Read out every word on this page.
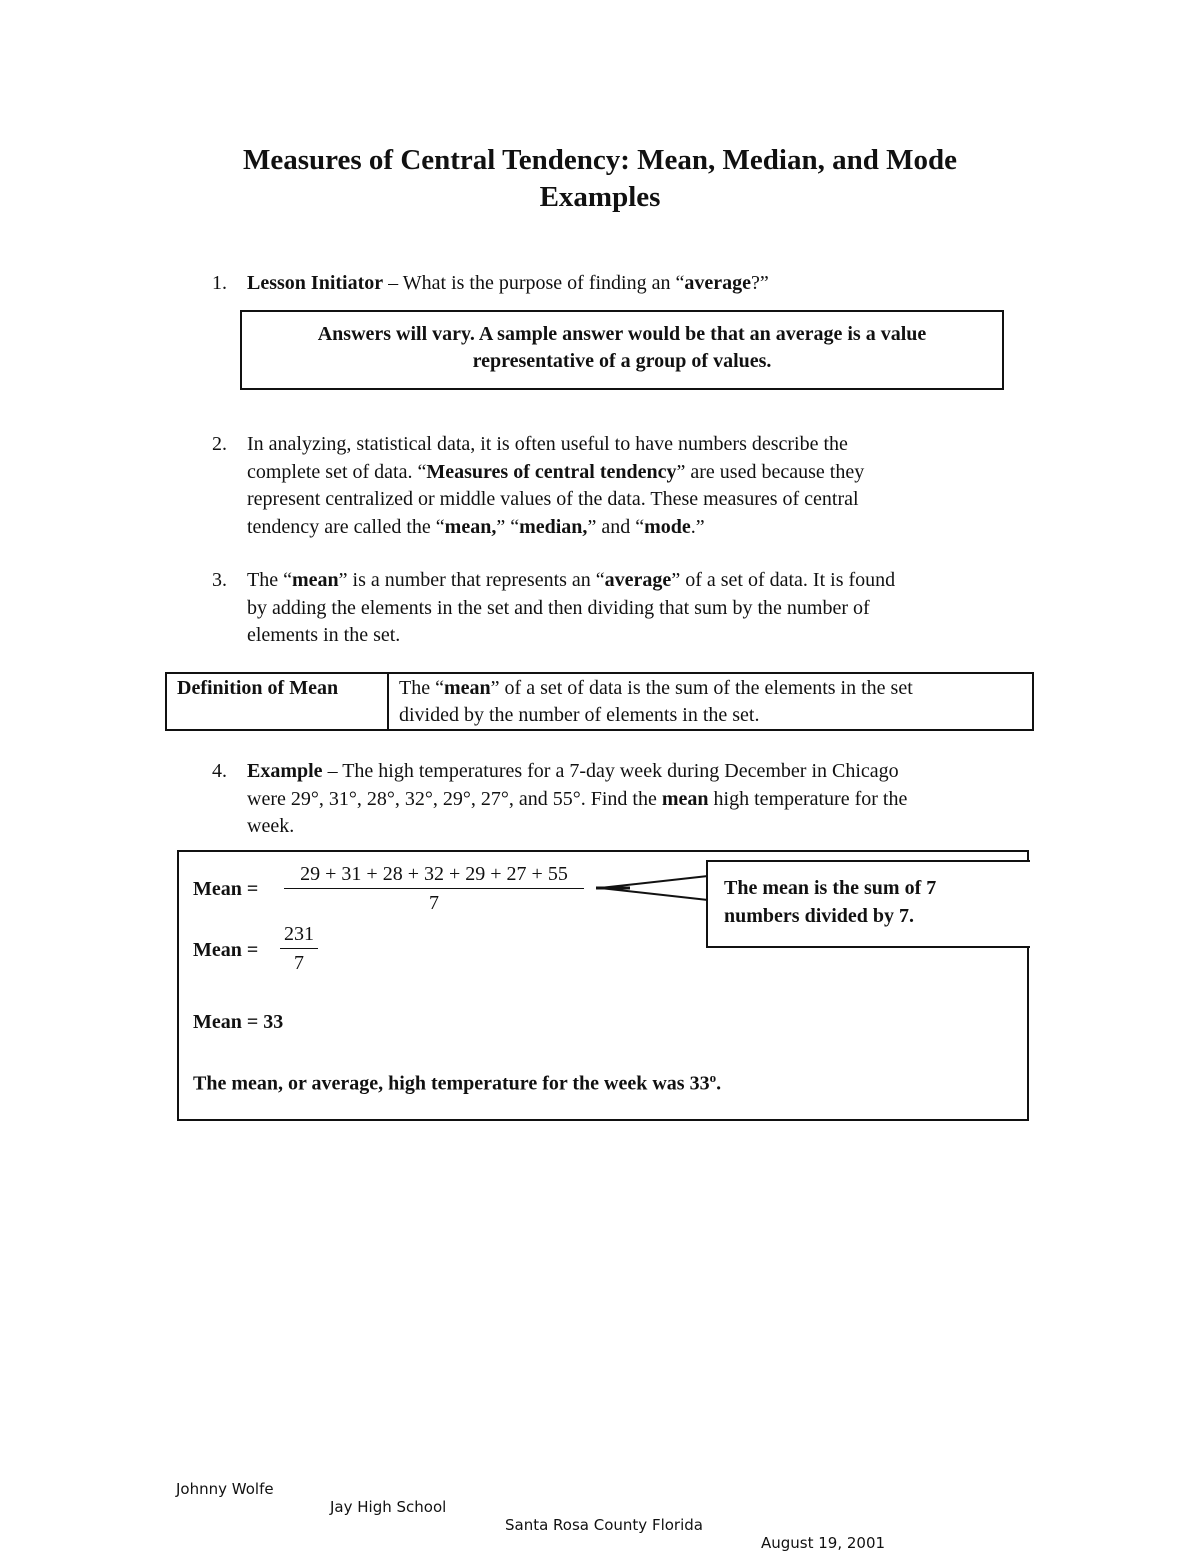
Measures of Central Tendency: Mean, Median, and Mode
Examples
1. Lesson Initiator – What is the purpose of finding an “average?”
Answers will vary. A sample answer would be that an average is a value
representative of a group of values.
2. In analyzing, statistical data, it is often useful to have numbers describe the
complete set of data. “Measures of central tendency” are used because they
represent centralized or middle values of the data. These measures of central
tendency are called the “mean,” “median,” and “mode.”
3. The “mean” is a number that represents an “average” of a set of data. It is found
by adding the elements in the set and then dividing that sum by the number of
elements in the set.
Definition of Mean	The “mean” of a set of data is the sum of the elements in the set
divided by the number of elements in the set.
4. Example – The high temperatures for a 7-day week during December in Chicago
were 29°, 31°, 28°, 32°, 29°, 27°, and 55°. Find the mean high temperature for the
week.
Mean =
29 + 31 + 28 + 32 + 29 + 27 + 55
7
Mean =
231
7
Mean = 33
The mean, or average, high temperature for the week was 33$^o$.
The mean is the sum of 7
numbers divided by 7.

Johnny Wolfe

Jay High School

Santa Rosa County Florida

August 19, 2001
